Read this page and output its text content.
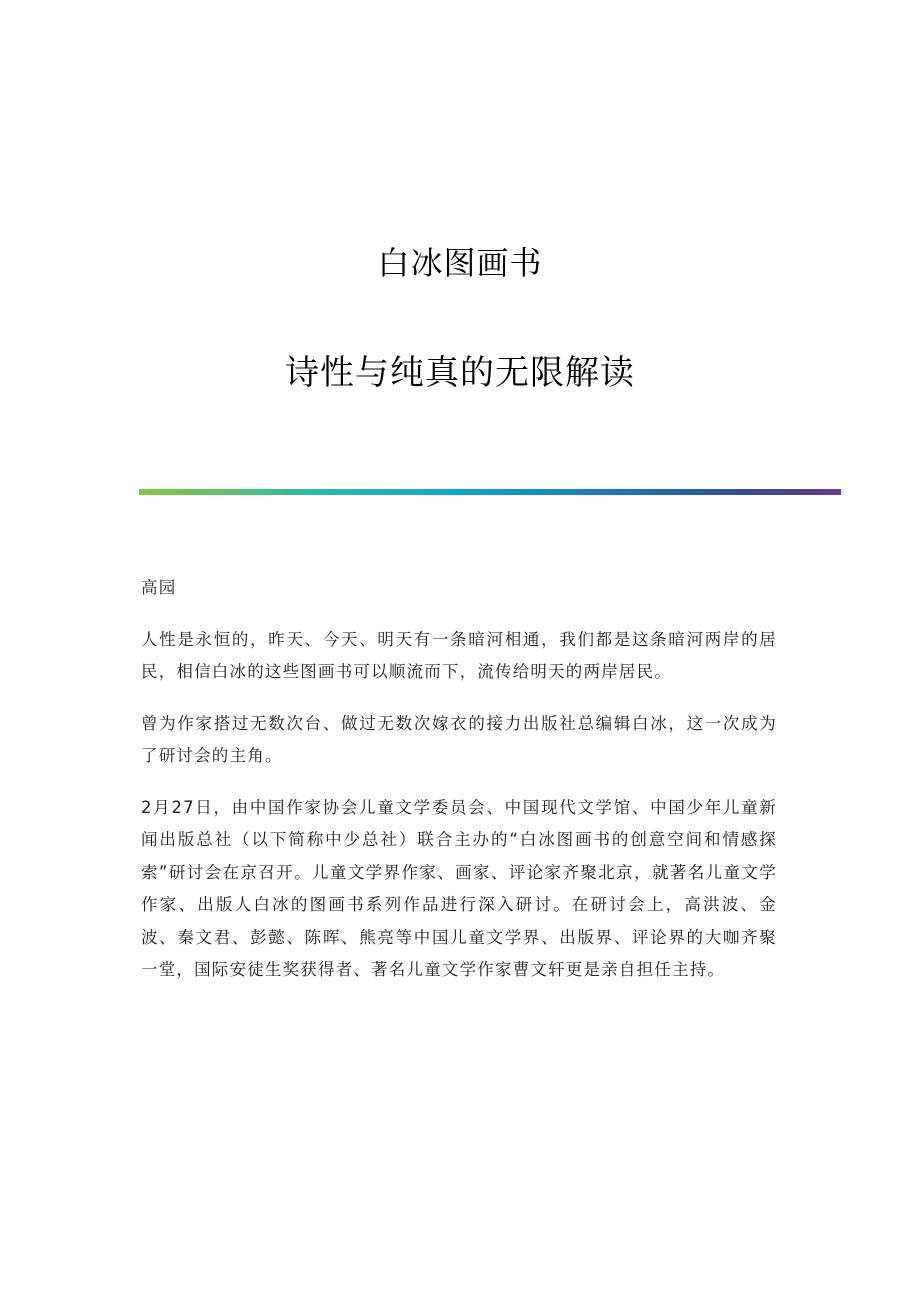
白冰图画书
诗性与纯真的无限解读

高园

人性是永恒的，昨天、今天、明天有一条暗河相通，我们都是这条暗河两岸的居民，相信白冰的这些图画书可以顺流而下，流传给明天的两岸居民。

曾为作家搭过无数次台、做过无数次嫁衣的接力出版社总编辑白冰，这一次成为了研讨会的主角。

2月27日，由中国作家协会儿童文学委员会、中国现代文学馆、中国少年儿童新闻出版总社（以下简称中少总社）联合主办的“白冰图画书的创意空间和情感探索”研讨会在京召开。儿童文学界作家、画家、评论家齐聚北京，就著名儿童文学作家、出版人白冰的图画书系列作品进行深入研讨。在研讨会上，高洪波、金波、秦文君、彭懿、陈晖、熊亮等中国儿童文学界、出版界、评论界的大咖齐聚一堂，国际安徒生奖获得者、著名儿童文学作家曹文轩更是亲自担任主持。
